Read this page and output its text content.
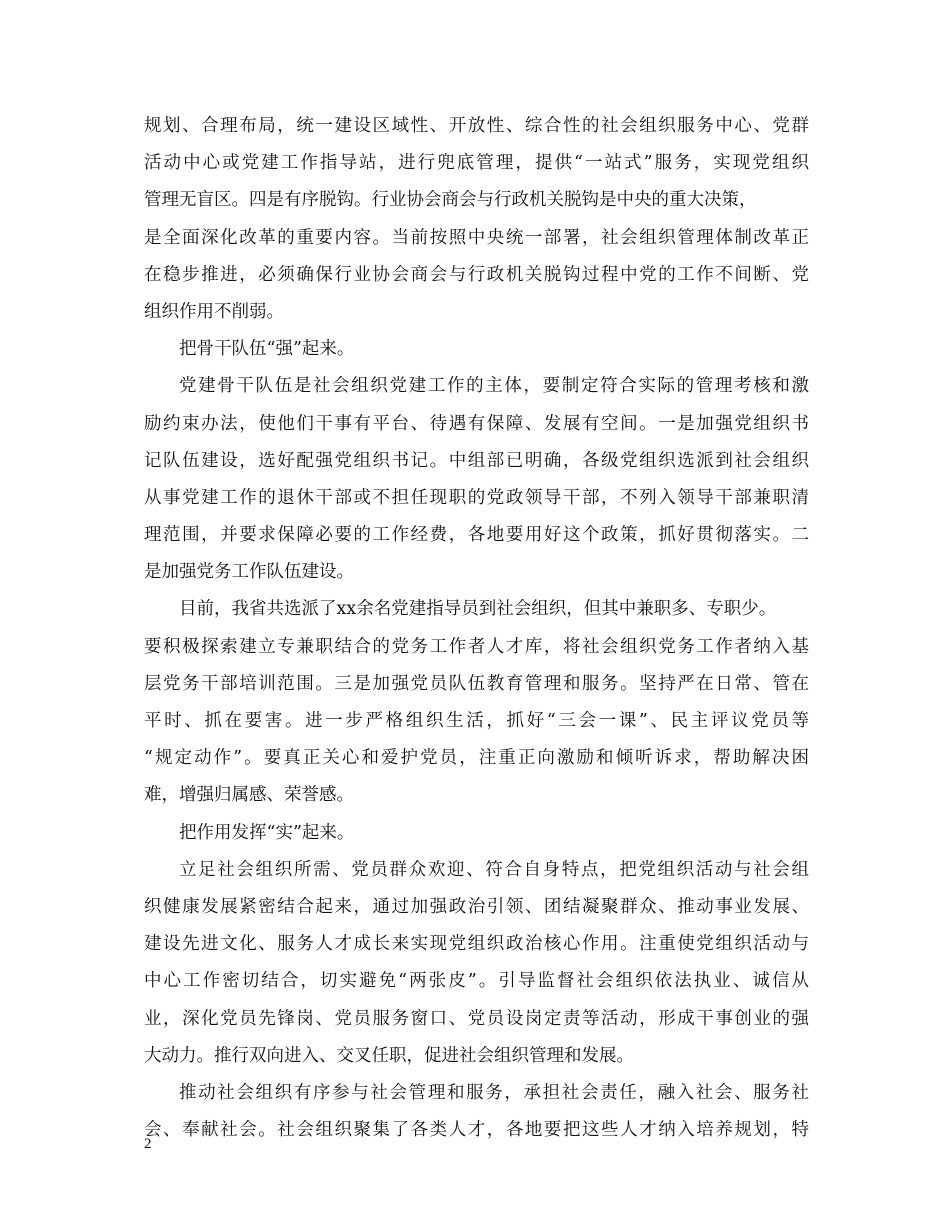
规划、合理布局，统一建设区域性、开放性、综合性的社会组织服务中心、党群
活动中心或党建工作指导站，进行兜底管理，提供“一站式”服务，实现党组织
管理无盲区。四是有序脱钩。行业协会商会与行政机关脱钩是中央的重大决策，
是全面深化改革的重要内容。当前按照中央统一部署，社会组织管理体制改革正
在稳步推进，必须确保行业协会商会与行政机关脱钩过程中党的工作不间断、党
组织作用不削弱。
把骨干队伍“强”起来。
党建骨干队伍是社会组织党建工作的主体，要制定符合实际的管理考核和激
励约束办法，使他们干事有平台、待遇有保障、发展有空间。一是加强党组织书
记队伍建设，选好配强党组织书记。中组部已明确，各级党组织选派到社会组织
从事党建工作的退休干部或不担任现职的党政领导干部，不列入领导干部兼职清
理范围，并要求保障必要的工作经费，各地要用好这个政策，抓好贯彻落实。二
是加强党务工作队伍建设。
目前，我省共选派了xx余名党建指导员到社会组织，但其中兼职多、专职少。
要积极探索建立专兼职结合的党务工作者人才库，将社会组织党务工作者纳入基
层党务干部培训范围。三是加强党员队伍教育管理和服务。坚持严在日常、管在
平时、抓在要害。进一步严格组织生活，抓好“三会一课”、民主评议党员等
“规定动作”。要真正关心和爱护党员，注重正向激励和倾听诉求，帮助解决困
难，增强归属感、荣誉感。
把作用发挥“实”起来。
立足社会组织所需、党员群众欢迎、符合自身特点，把党组织活动与社会组
织健康发展紧密结合起来，通过加强政治引领、团结凝聚群众、推动事业发展、
建设先进文化、服务人才成长来实现党组织政治核心作用。注重使党组织活动与
中心工作密切结合，切实避免“两张皮”。引导监督社会组织依法执业、诚信从
业，深化党员先锋岗、党员服务窗口、党员设岗定责等活动，形成干事创业的强
大动力。推行双向进入、交叉任职，促进社会组织管理和发展。
推动社会组织有序参与社会管理和服务，承担社会责任，融入社会、服务社
会、奉献社会。社会组织聚集了各类人才，各地要把这些人才纳入培养规划，特
2
